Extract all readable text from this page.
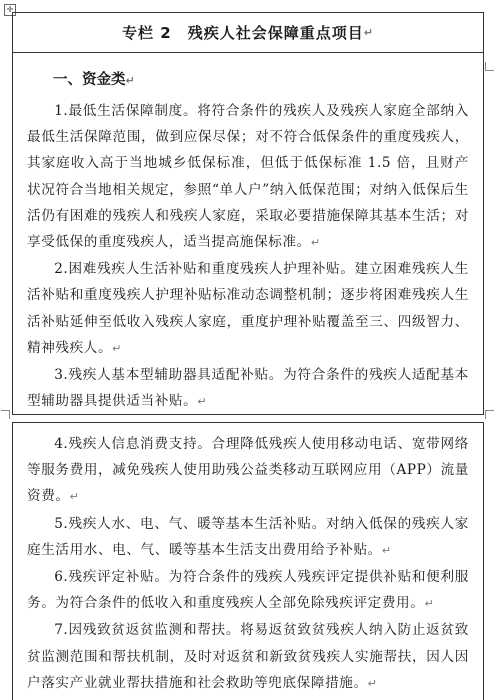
✛
专栏 2　残疾人社会保障重点项目 ↵
一、资金类↵

1.最低生活保障制度。将符合条件的残疾人及残疾人家庭全部纳入最低生活保障范围，做到应保尽保；对不符合低保条件的重度残疾人，其家庭收入高于当地城乡低保标准，但低于低保标准 1.5 倍，且财产状况符合当地相关规定，参照“单人户”纳入低保范围；对纳入低保后生活仍有困难的残疾人和残疾人家庭，采取必要措施保障其基本生活；对享受低保的重度残疾人，适当提高施保标准。↵

2.困难残疾人生活补贴和重度残疾人护理补贴。建立困难残疾人生活补贴和重度残疾人护理补贴标准动态调整机制；逐步将困难残疾人生活补贴延伸至低收入残疾人家庭，重度护理补贴覆盖至三、四级智力、精神残疾人。↵

3.残疾人基本型辅助器具适配补贴。为符合条件的残疾人适配基本型辅助器具提供适当补贴。↵

4.残疾人信息消费支持。合理降低残疾人使用移动电话、宽带网络等服务费用，减免残疾人使用助残公益类移动互联网应用（APP）流量资费。↵

5.残疾人水、电、气、暖等基本生活补贴。对纳入低保的残疾人家庭生活用水、电、气、暖等基本生活支出费用给予补贴。↵

6.残疾评定补贴。为符合条件的残疾人残疾评定提供补贴和便利服务。为符合条件的低收入和重度残疾人全部免除残疾评定费用。↵

7.因残致贫返贫监测和帮扶。将易返贫致贫残疾人纳入防止返贫致贫监测范围和帮扶机制，及时对返贫和新致贫残疾人实施帮扶，因人因户落实产业就业帮扶措施和社会救助等兜底保障措施。↵
